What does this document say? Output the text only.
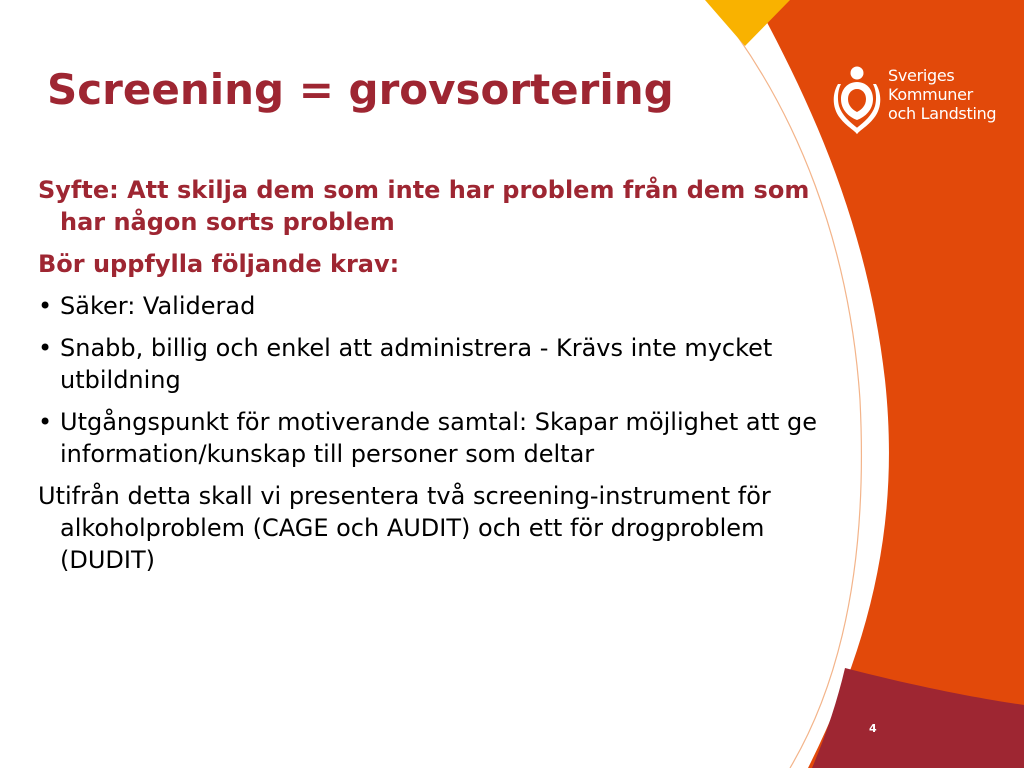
Sveriges
Kommuner
och Landsting
Screening = grovsortering

Syfte: Att skilja dem som inte har problem från dem som har någon sorts problem

Bör uppfylla följande krav:

• Säker: Validerad

• Snabb, billig och enkel att administrera - Krävs inte mycket utbildning

• Utgångspunkt för motiverande samtal: Skapar möjlighet att ge information/kunskap till personer som deltar

Utifrån detta skall vi presentera två screening-instrument för alkoholproblem (CAGE och AUDIT) och ett för drogproblem (DUDIT)

4
